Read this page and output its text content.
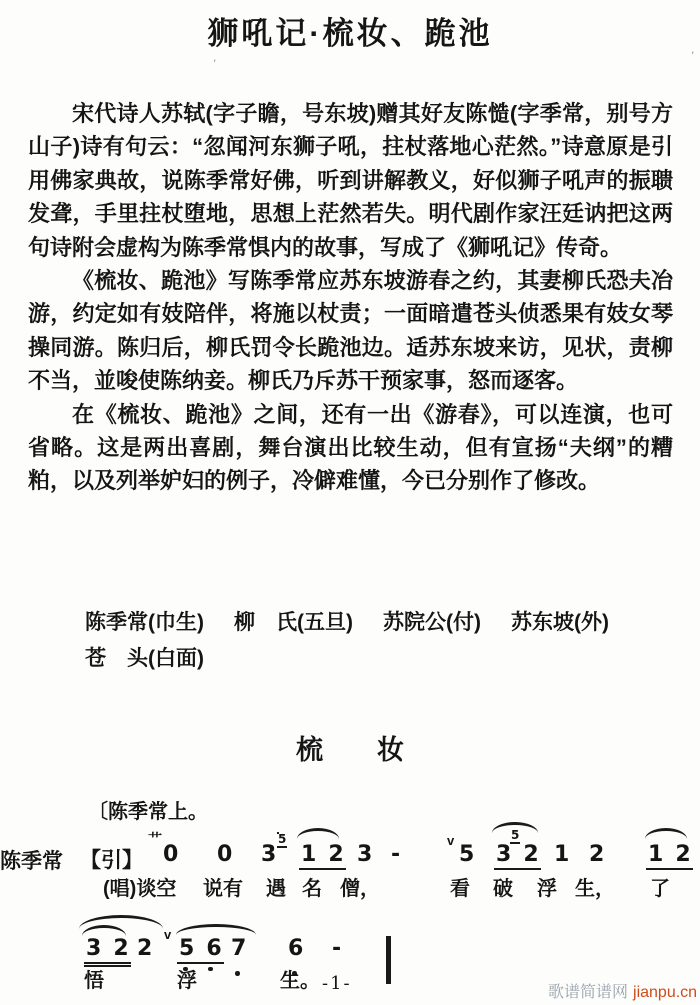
狮吼记·梳妆、跪池
'
'

宋代诗人苏轼(字子瞻，号东坡)赠其好友陈慥(字季常，别号方山子)诗有句云：“忽闻河东狮子吼，拄杖落地心茫然。”诗意原是引用佛家典故，说陈季常好佛，听到讲解教义，好似狮子吼声的振聩发聋，手里拄杖堕地，思想上茫然若失。明代剧作家汪廷讷把这两句诗附会虚构为陈季常惧内的故事，写成了《狮吼记》传奇。

《梳妆、跪池》写陈季常应苏东坡游春之约，其妻柳氏恐夫冶游，约定如有妓陪伴，将施以杖责；一面暗遣苍头侦悉果有妓女琴操同游。陈归后，柳氏罚令长跪池边。适苏东坡来访，见状，责柳不当，並唆使陈纳妾。柳氏乃斥苏干预家事，怒而逐客。

在《梳妆、跪池》之间，还有一出《游春》，可以连演，也可省略。这是两出喜剧，舞台演出比较生动，但有宣扬“夫纲”的糟粕，以及列举妒妇的例子，冷僻难懂，今已分别作了修改。

陈季常(巾生) 柳　氏(五旦) 苏院公(付) 苏东坡(外)
苍　头(白面)
梳　　妆
〔陈季常上。
陈季常 【引】
艹
0 0 3
5
1 2 3 -
v
5
5
3 2 1 2 1 2
(唱)谈空 说有 遇 名 僧，	看 破 浮 生， 了
3 2 2
v
5 6 7 6 -
悟	浮	生。 -1-	歌谱简谱网 jianpu.cn
